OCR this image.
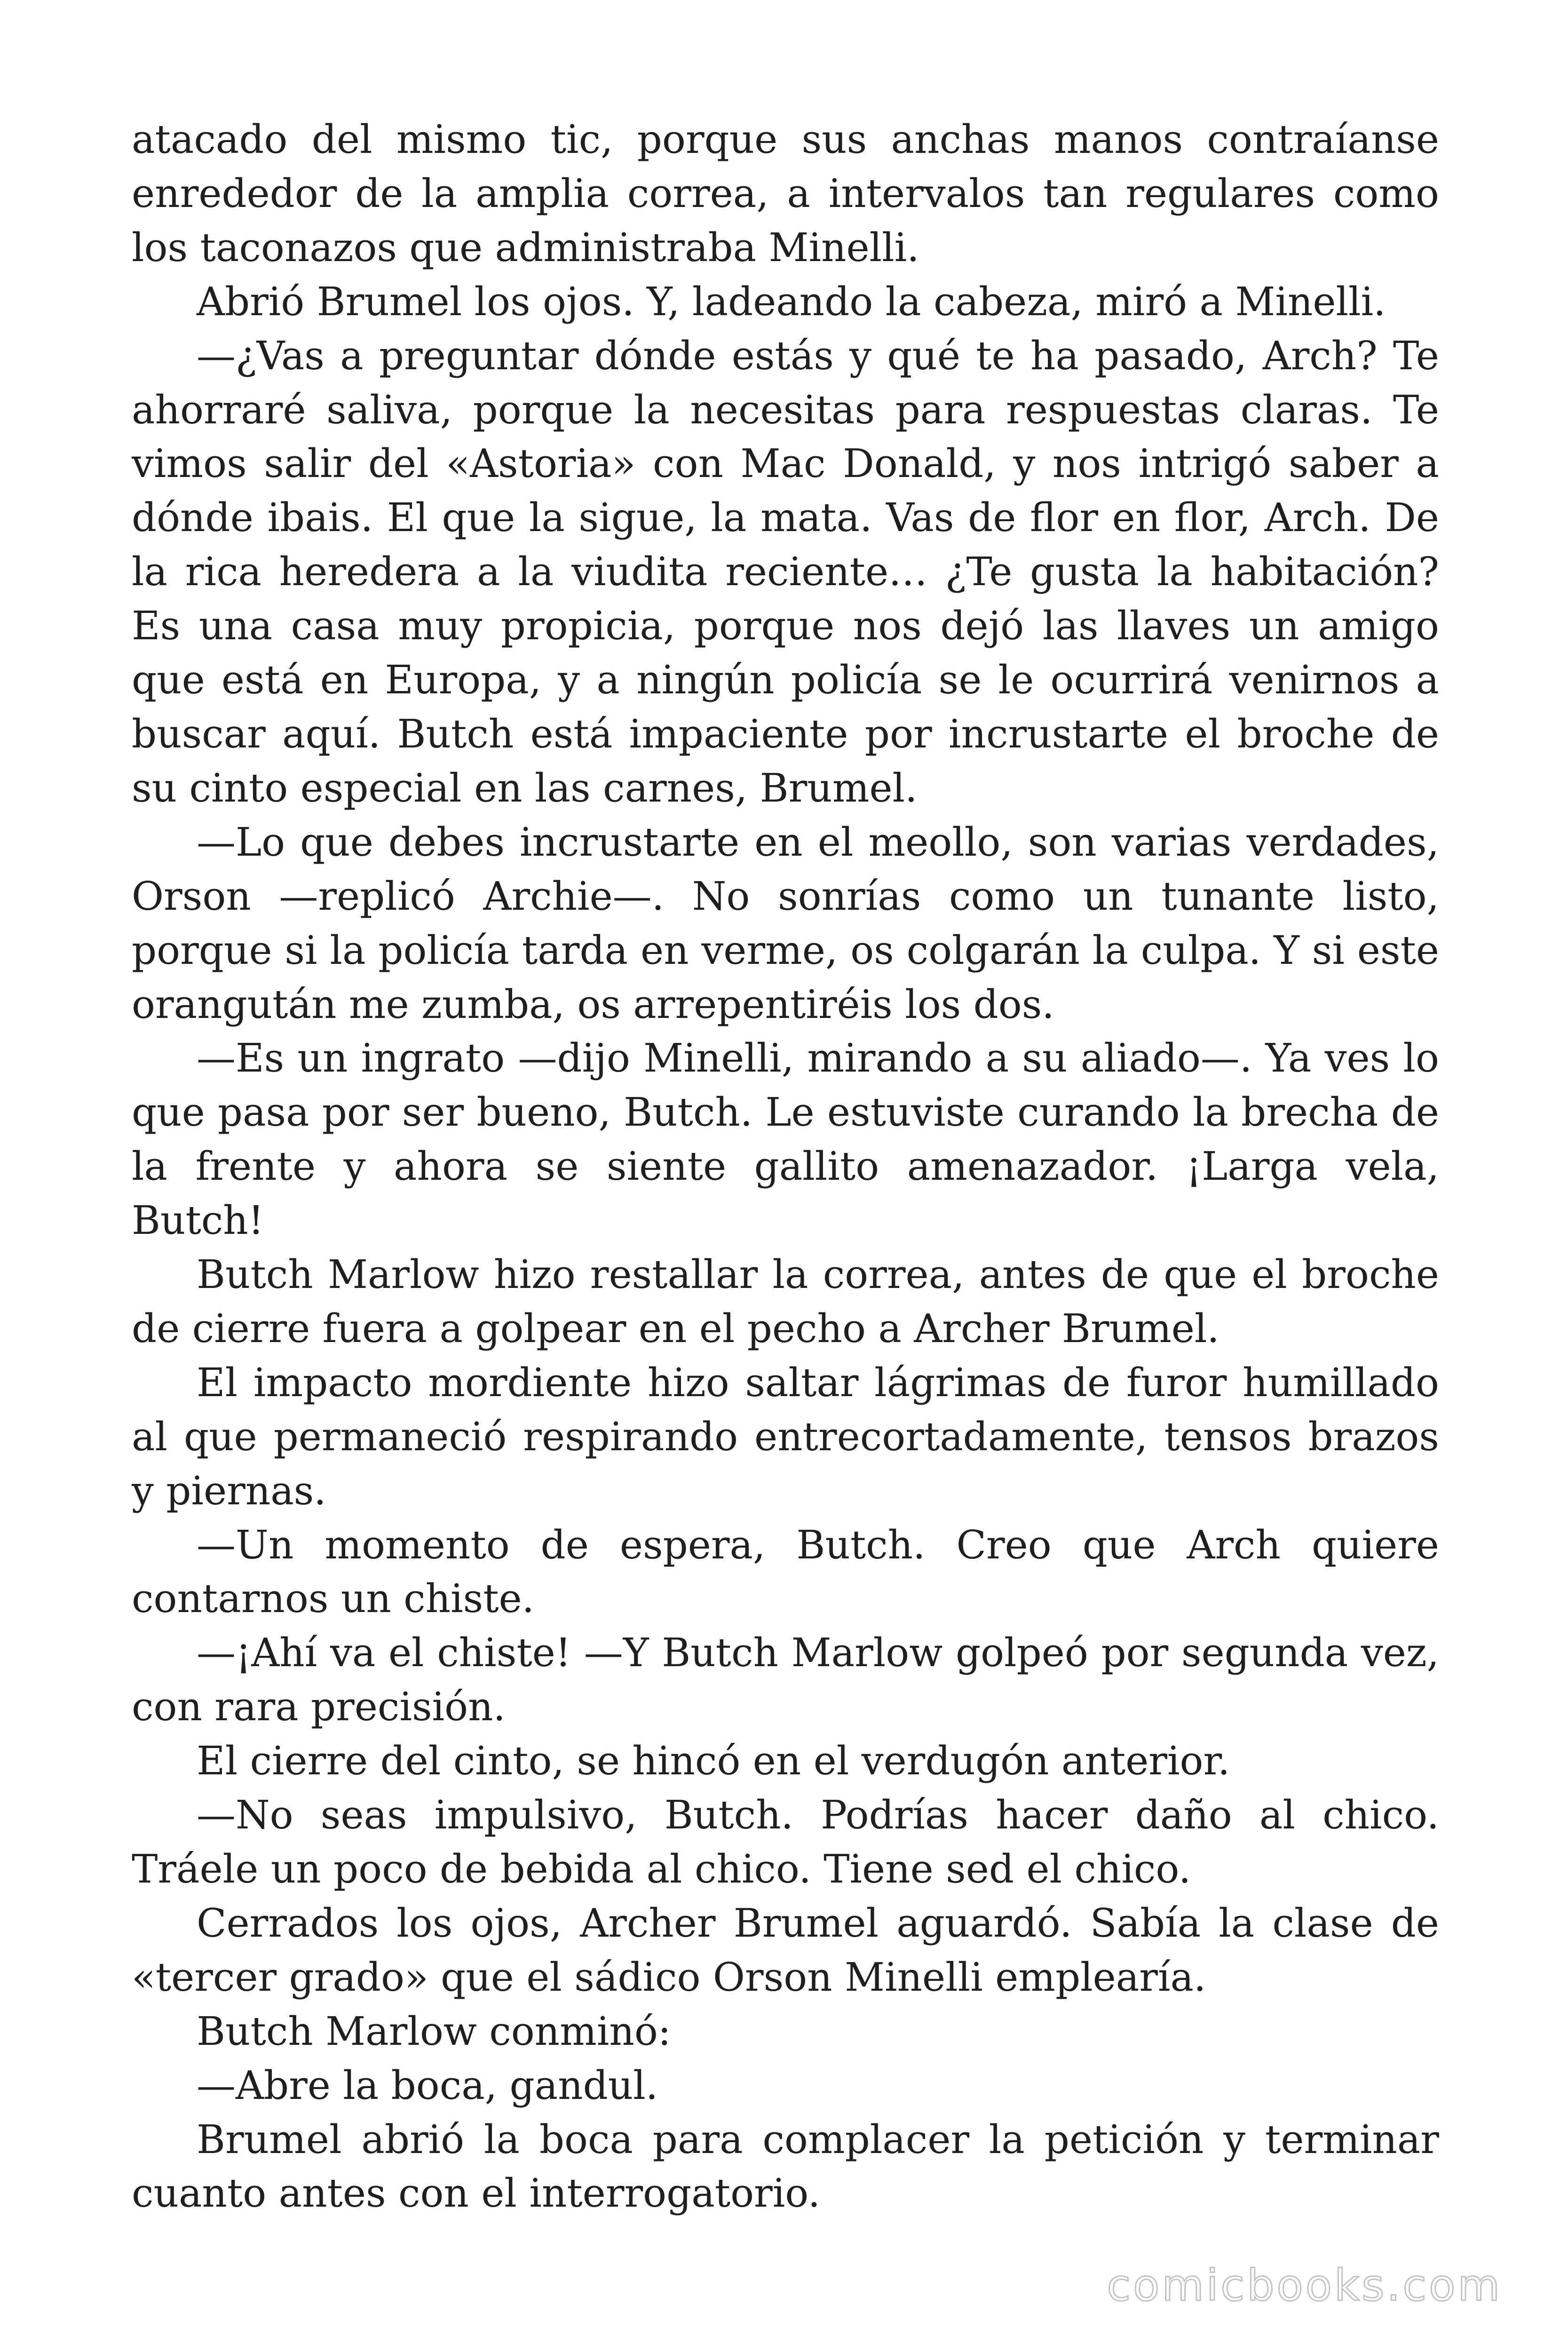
atacado del mismo tic, porque sus anchas manos contraíanse enrededor de la amplia correa, a intervalos tan regulares como los taconazos que administraba Minelli.

Abrió Brumel los ojos. Y, ladeando la cabeza, miró a Minelli.

—¿Vas a preguntar dónde estás y qué te ha pasado, Arch? Te ahorraré saliva, porque la necesitas para respuestas claras. Te vimos salir del «Astoria» con Mac Donald, y nos intrigó saber a dónde ibais. El que la sigue, la mata. Vas de flor en flor, Arch. De la rica heredera a la viudita reciente… ¿Te gusta la habitación? Es una casa muy propicia, porque nos dejó las llaves un amigo que está en Europa, y a ningún policía se le ocurrirá venirnos a buscar aquí. Butch está impaciente por incrustarte el broche de su cinto especial en las carnes, Brumel.

—Lo que debes incrustarte en el meollo, son varias verdades, Orson —replicó Archie—. No sonrías como un tunante listo, porque si la policía tarda en verme, os colgarán la culpa. Y si este orangután me zumba, os arrepentiréis los dos.

—Es un ingrato —dijo Minelli, mirando a su aliado—. Ya ves lo que pasa por ser bueno, Butch. Le estuviste curando la brecha de la frente y ahora se siente gallito amenazador. ¡Larga vela, Butch!

Butch Marlow hizo restallar la correa, antes de que el broche de cierre fuera a golpear en el pecho a Archer Brumel.

El impacto mordiente hizo saltar lágrimas de furor humillado al que permaneció respirando entrecortadamente, tensos brazos y piernas.

—Un momento de espera, Butch. Creo que Arch quiere contarnos un chiste.

—¡Ahí va el chiste! —Y Butch Marlow golpeó por segunda vez, con rara precisión.

El cierre del cinto, se hincó en el verdugón anterior.

—No seas impulsivo, Butch. Podrías hacer daño al chico. Tráele un poco de bebida al chico. Tiene sed el chico.

Cerrados los ojos, Archer Brumel aguardó. Sabía la clase de «tercer grado» que el sádico Orson Minelli emplearía.

Butch Marlow conminó:

—Abre la boca, gandul.

Brumel abrió la boca para complacer la petición y terminar cuanto antes con el interrogatorio.

comicbooks.com
